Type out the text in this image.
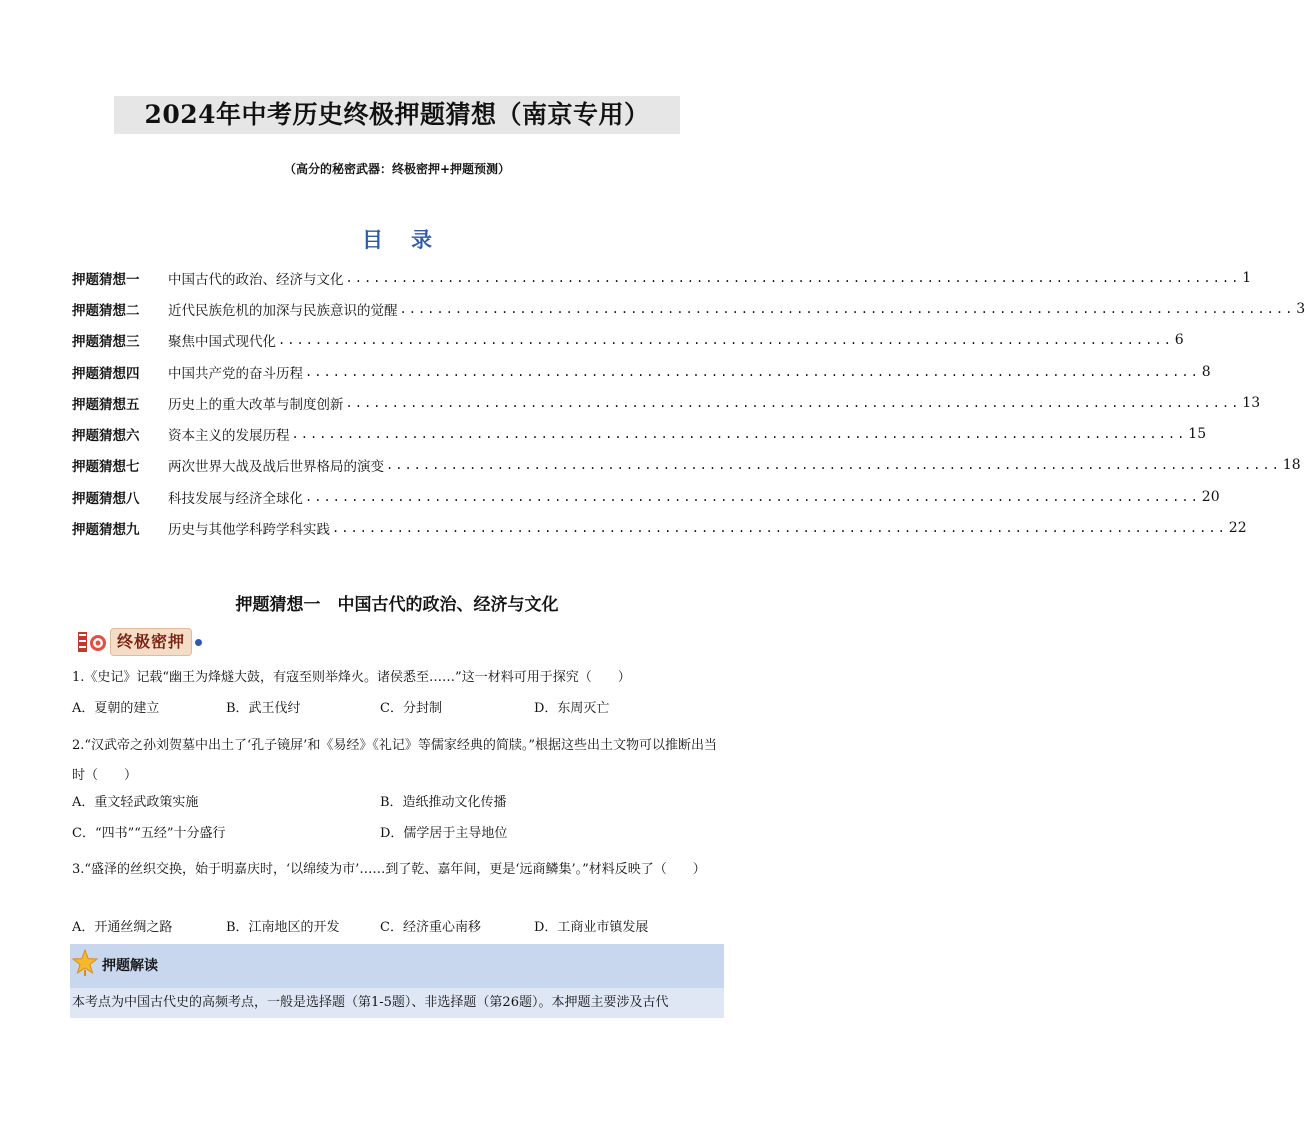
2024年中考历史终极押题猜想（南京专用）
（高分的秘密武器：终极密押+押题预测）
目录
押题猜想一	中国古代的政治、经济与文化 ................................................................................................. 1
押题猜想二	近代民族危机的加深与民族意识的觉醒 ................................................................................................. 3
押题猜想三	聚焦中国式现代化 ................................................................................................. 6
押题猜想四	中国共产党的奋斗历程 ................................................................................................. 8
押题猜想五	历史上的重大改革与制度创新 ................................................................................................. 13
押题猜想六	资本主义的发展历程 ................................................................................................. 15
押题猜想七	两次世界大战及战后世界格局的演变 ................................................................................................. 18
押题猜想八	科技发展与经济全球化 ................................................................................................. 20
押题猜想九	历史与其他学科跨学科实践 ................................................................................................. 22
押题猜想一　中国古代的政治、经济与文化
终极密押
1.《史记》记载“幽王为烽燧大鼓，有寇至则举烽火。诸侯悉至……”这一材料可用于探究（　　）
A．夏朝的建立	B．武王伐纣	C．分封制	D．东周灭亡
2.“汉武帝之孙刘贺墓中出土了‘孔子镜屏’和《易经》《礼记》等儒家经典的简牍。”根据这些出土文物可以推断出当时（　　）
A．重文轻武政策实施	B．造纸推动文化传播
C．“四书”“五经”十分盛行	D．儒学居于主导地位
3.“盛泽的丝织交换，始于明嘉庆时，‘以绵绫为市’……到了乾、嘉年间，更是‘远商鳞集’。”材料反映了（　　）
A．开通丝绸之路	B．江南地区的开发	C．经济重心南移	D．工商业市镇发展
押题解读
本考点为中国古代史的高频考点，一般是选择题（第1-5题）、非选择题（第26题）。本押题主要涉及古代
